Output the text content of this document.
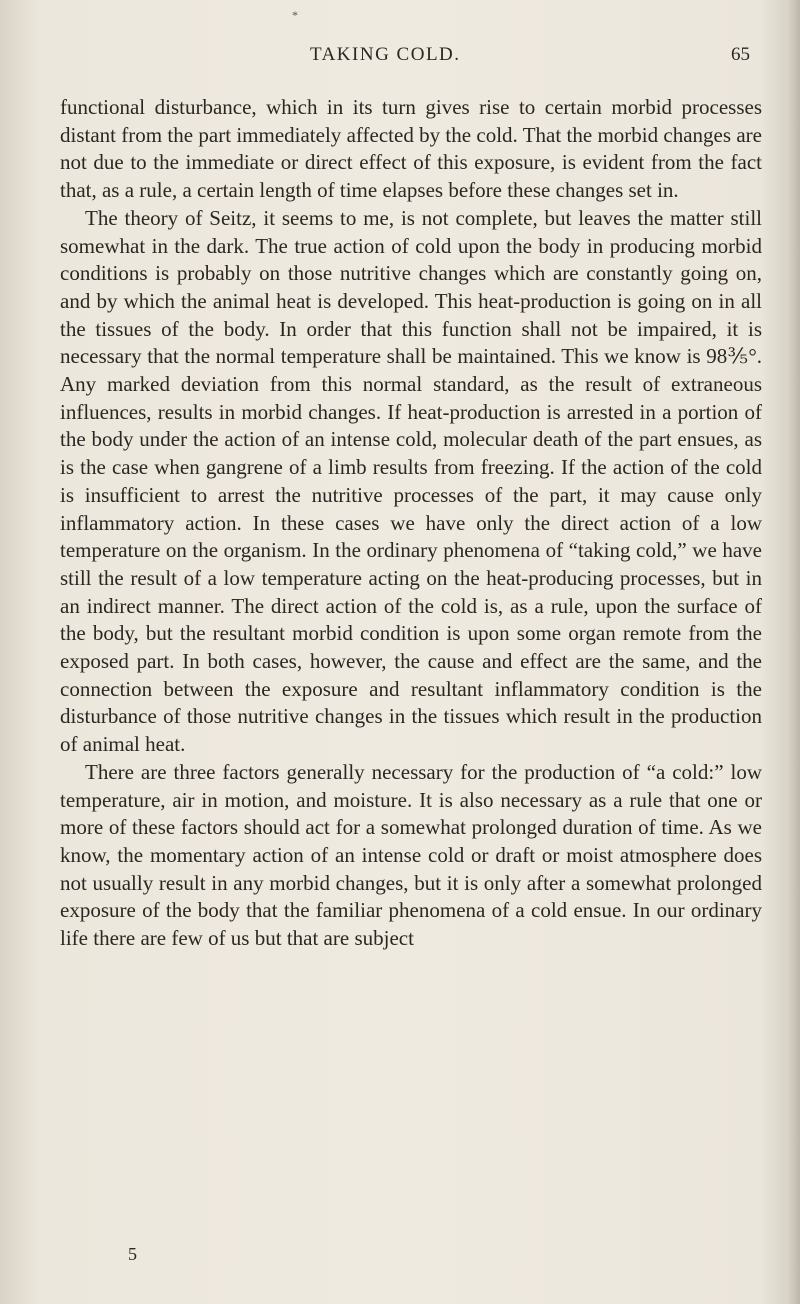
*
TAKING COLD.	65

functional disturbance, which in its turn gives rise to certain morbid processes distant from the part immediately affected by the cold. That the morbid changes are not due to the immediate or direct effect of this exposure, is evident from the fact that, as a rule, a certain length of time elapses before these changes set in.

The theory of Seitz, it seems to me, is not complete, but leaves the matter still somewhat in the dark. The true action of cold upon the body in producing morbid conditions is probably on those nutritive changes which are constantly going on, and by which the animal heat is developed. This heat-production is going on in all the tissues of the body. In order that this function shall not be impaired, it is necessary that the normal temperature shall be maintained. This we know is 98⅗°. Any marked deviation from this normal standard, as the result of extraneous influences, results in morbid changes. If heat-production is arrested in a portion of the body under the action of an intense cold, molecular death of the part ensues, as is the case when gangrene of a limb results from freezing. If the action of the cold is insufficient to arrest the nutritive processes of the part, it may cause only inflammatory action. In these cases we have only the direct action of a low temperature on the organism. In the ordinary phenomena of “taking cold,” we have still the result of a low temperature acting on the heat-producing processes, but in an indirect manner. The direct action of the cold is, as a rule, upon the surface of the body, but the resultant morbid condition is upon some organ remote from the exposed part. In both cases, however, the cause and effect are the same, and the connection between the exposure and resultant inflammatory condition is the disturbance of those nutritive changes in the tissues which result in the production of animal heat.

There are three factors generally necessary for the production of “a cold:” low temperature, air in motion, and moisture. It is also necessary as a rule that one or more of these factors should act for a somewhat prolonged duration of time. As we know, the momentary action of an intense cold or draft or moist atmosphere does not usually result in any morbid changes, but it is only after a somewhat prolonged exposure of the body that the familiar phenomena of a cold ensue. In our ordinary life there are few of us but that are subject

5
